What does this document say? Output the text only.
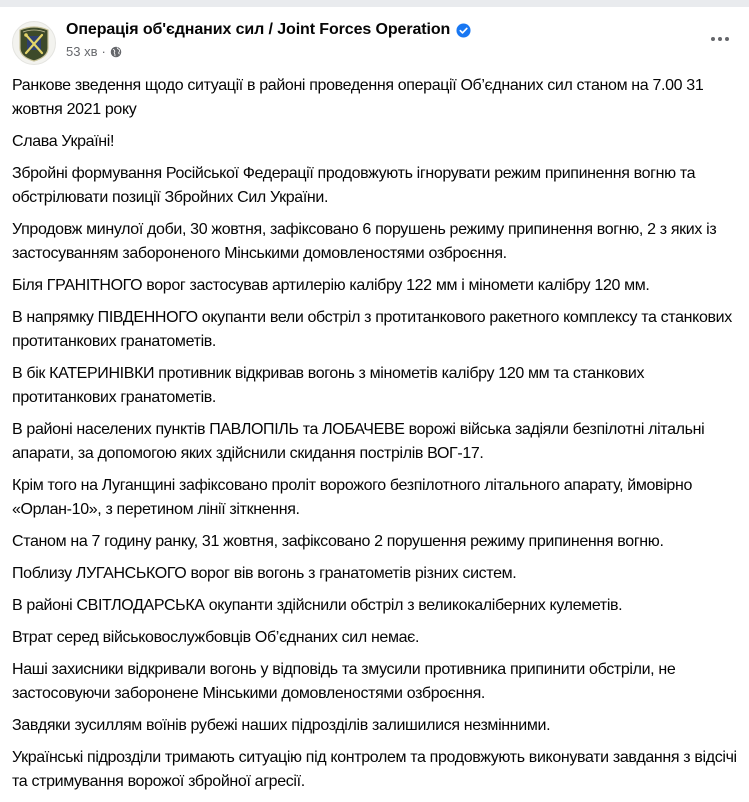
Операція об'єднаних сил / Joint Forces Operation
53 хв ·

Ранкове зведення щодо ситуації в районі проведення операції Об’єднаних сил станом на 7.00 31 жовтня 2021 року

Слава Україні!

Збройні формування Російської Федерації продовжують ігнорувати режим припинення вогню та обстрілювати позиції Збройних Сил України.

Упродовж минулої доби, 30 жовтня, зафіксовано 6 порушень режиму припинення вогню, 2 з яких із застосуванням забороненого Мінськими домовленостями озброєння.

Біля ГРАНІТНОГО ворог застосував артилерію калібру 122 мм і міномети калібру 120 мм.

В напрямку ПІВДЕННОГО окупанти вели обстріл з протитанкового ракетного комплексу та станкових протитанкових гранатометів.

В бік КАТЕРИНІВКИ противник відкривав вогонь з мінометів калібру 120 мм та станкових протитанкових гранатометів.

В районі населених пунктів ПАВЛОПІЛЬ та ЛОБАЧЕВЕ ворожі війська задіяли безпілотні літальні апарати, за допомогою яких здійснили скидання пострілів ВОГ-17.

Крім того на Луганщині зафіксовано проліт ворожого безпілотного літального апарату, ймовірно «Орлан-10», з перетином лінії зіткнення.

Станом на 7 годину ранку, 31 жовтня, зафіксовано 2 порушення режиму припинення вогню.

Поблизу ЛУГАНСЬКОГО ворог вів вогонь з гранатометів різних систем.

В районі СВІТЛОДАРСЬКА окупанти здійснили обстріл з великокаліберних кулеметів.

Втрат серед військовослужбовців Об’єднаних сил немає.

Наші захисники відкривали вогонь у відповідь та змусили противника припинити обстріли, не застосовуючи заборонене Мінськими домовленостями озброєння.

Завдяки зусиллям воїнів рубежі наших підрозділів залишилися незмінними.

Українські підрозділи тримають ситуацію під контролем та продовжують виконувати завдання з відсічі та стримування ворожої збройної агресії.
